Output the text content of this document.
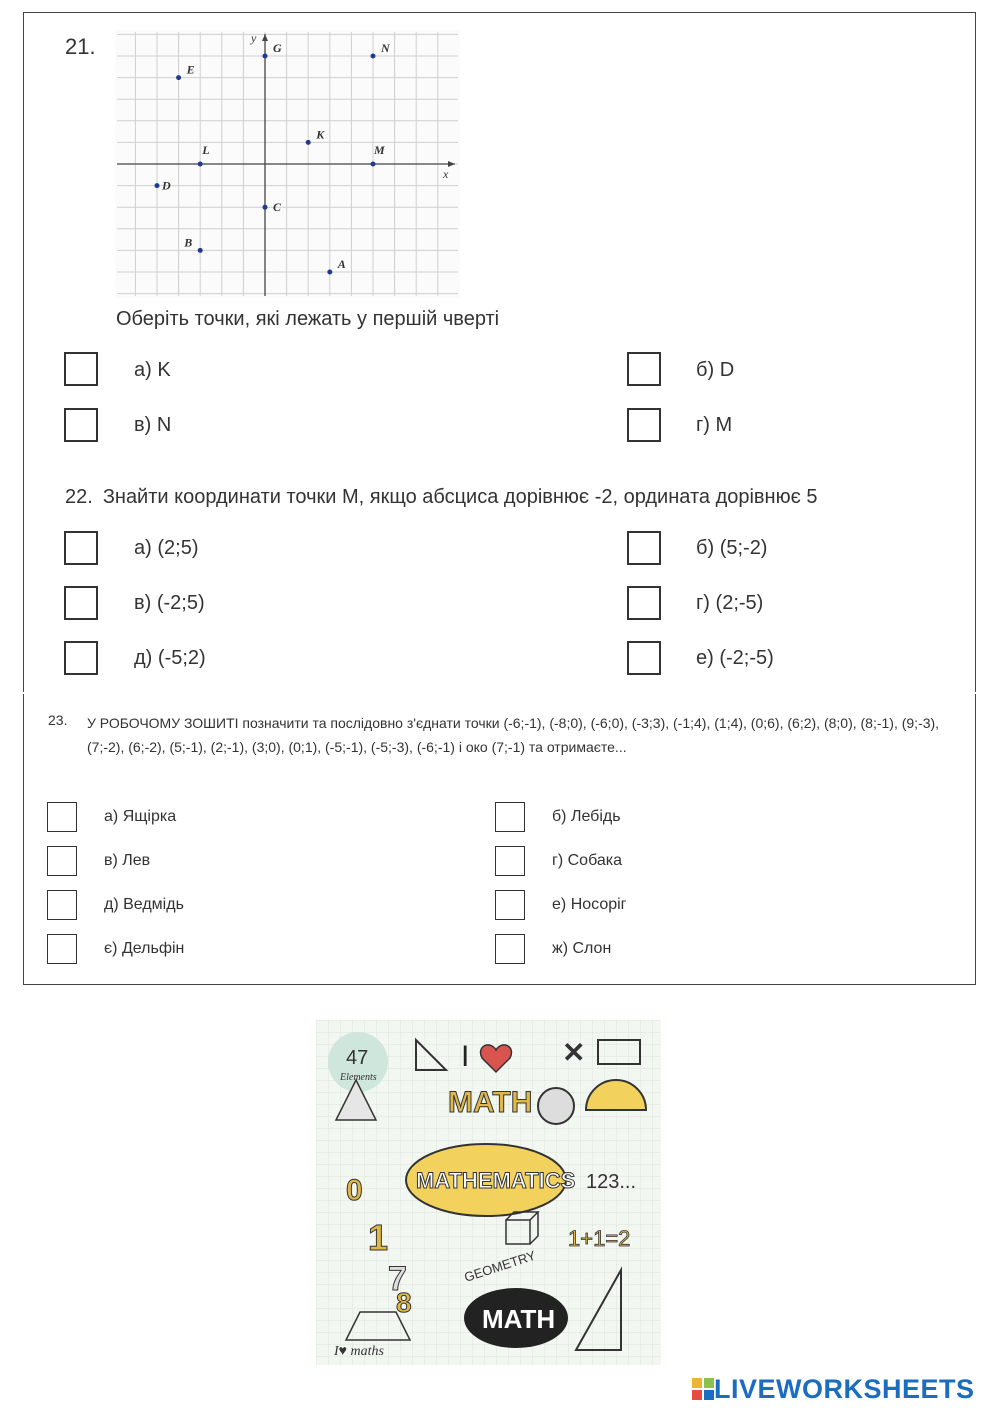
21.
x
y
G	N
E
K
L	M
D
C
B
A
Оберіть точки, які лежать у першій чверті
а) K	б) D
в) N	г) M
22. Знайти координати точки М, якщо абсциса дорівнює -2, ордината дорівнює 5
а) (2;5)	б) (5;-2)
в) (-2;5)	г) (2;-5)
д) (-5;2)	е) (-2;-5)
23. У РОБОЧОМУ ЗОШИТІ позначити та послідовно з'єднати точки (-6;-1), (-8;0), (-6;0), (-3;3), (-1;4), (1;4), (0;6), (6;2), (8;0), (8;-1), (9;-3), (7;-2), (6;-2), (5;-1), (2;-1), (3;0), (0;1), (-5;-1), (-5;-3), (-6;-1) і око (7;-1) та отримаєте...
а) Ящірка	б) Лебідь
в) Лев	г) Собака
д) Ведмідь	е) Носоріг
є) Дельфін	ж) Слон
47
Elements
I
MATH
✕
MATHEMATICS 123...
1+1=2
GEOMETRY
MATH
0
1
7
8
I♥ maths
LIVEWORKSHEETS
